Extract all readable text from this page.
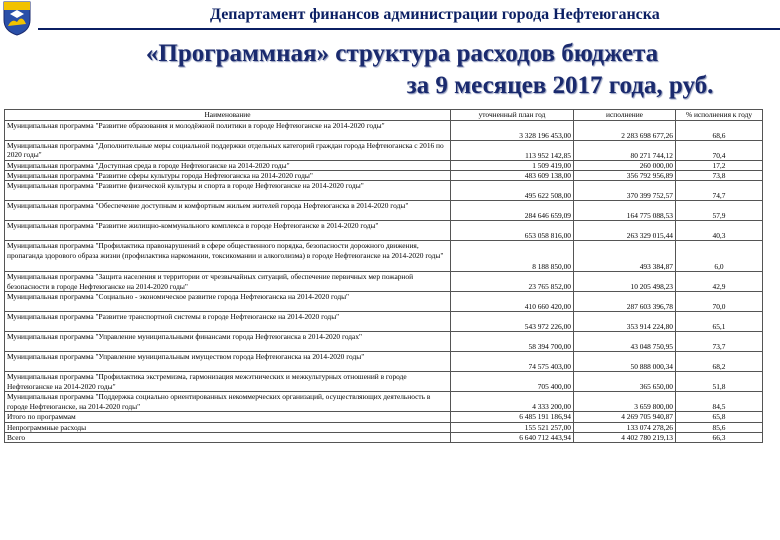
Департамент финансов администрации города Нефтеюганска
«Программная» структура расходов бюджета
за 9 месяцев 2017 года, руб.
Наименование	уточненный план год	исполнение	% исполнения к году
Муниципальная программа "Развитие образования и молодёжной политики в городе Нефтеюганске на 2014-2020 годы"	3 328 196 453,00	2 283 698 677,26	68,6
Муниципальная программа "Дополнительные меры социальной поддержки отдельных категорий граждан города Нефтеюганска с 2016 по 2020 годы"	113 952 142,85	80 271 744,12	70,4
Муниципальная программа "Доступная среда в городе Нефтеюганске на 2014-2020 годы"	1 509 419,00	260 000,00	17,2
Муниципальная программа "Развитие сферы культуры города Нефтеюганска на 2014-2020 годы"	483 609 138,00	356 792 956,89	73,8
Муниципальная программа "Развитие физической культуры и спорта в городе Нефтеюганске на 2014-2020 годы"	495 622 508,00	370 399 752,57	74,7
Муниципальная программа "Обеспечение доступным и комфортным жильем жителей города Нефтеюганска в 2014-2020 годы"	284 646 659,09	164 775 088,53	57,9
Муниципальная программа "Развитие жилищно-коммунального комплекса в городе Нефтеюганске в 2014-2020 годы"	653 058 816,00	263 329 015,44	40,3
Муниципальная программа "Профилактика правонарушений в сфере общественного порядка, безопасности дорожного движения, пропаганда здорового образа жизни (профилактика наркомании, токсикомании и алкоголизма) в городе Нефтеюганске на 2014-2020 годы"	8 188 850,00	493 384,87	6,0
Муниципальная программа "Защита населения и территории от чрезвычайных ситуаций, обеспечение первичных мер пожарной безопасности в городе Нефтеюганске на 2014-2020 годы"	23 765 852,00	10 205 498,23	42,9
Муниципальная программа "Социально - экономическое развитие города Нефтеюганска на 2014-2020 годы"	410 660 420,00	287 603 396,78	70,0
Муниципальная программа "Развитие транспортной системы в городе Нефтеюганске на 2014-2020 годы"	543 972 226,00	353 914 224,80	65,1
Муниципальная программа "Управление муниципальными финансами города Нефтеюганска в 2014-2020 годах"	58 394 700,00	43 048 750,95	73,7
Муниципальная программа "Управление муниципальным имуществом города Нефтеюганска на 2014-2020 годы"	74 575 403,00	50 888 000,34	68,2
Муниципальная программа "Профилактика экстремизма, гармонизация межэтнических и межкультурных отношений в городе Нефтеюганске на 2014-2020 годы"	705 400,00	365 650,00	51,8
Муниципальная программа "Поддержка социально ориентированных некоммерческих организаций, осуществляющих деятельность в городе Нефтеюганске, на 2014-2020 годы"	4 333 200,00	3 659 800,00	84,5
Итого по программам	6 485 191 186,94	4 269 705 940,87	65,8
Непрограммные расходы	155 521 257,00	133 074 278,26	85,6
Всего	6 640 712 443,94	4 402 780 219,13	66,3
